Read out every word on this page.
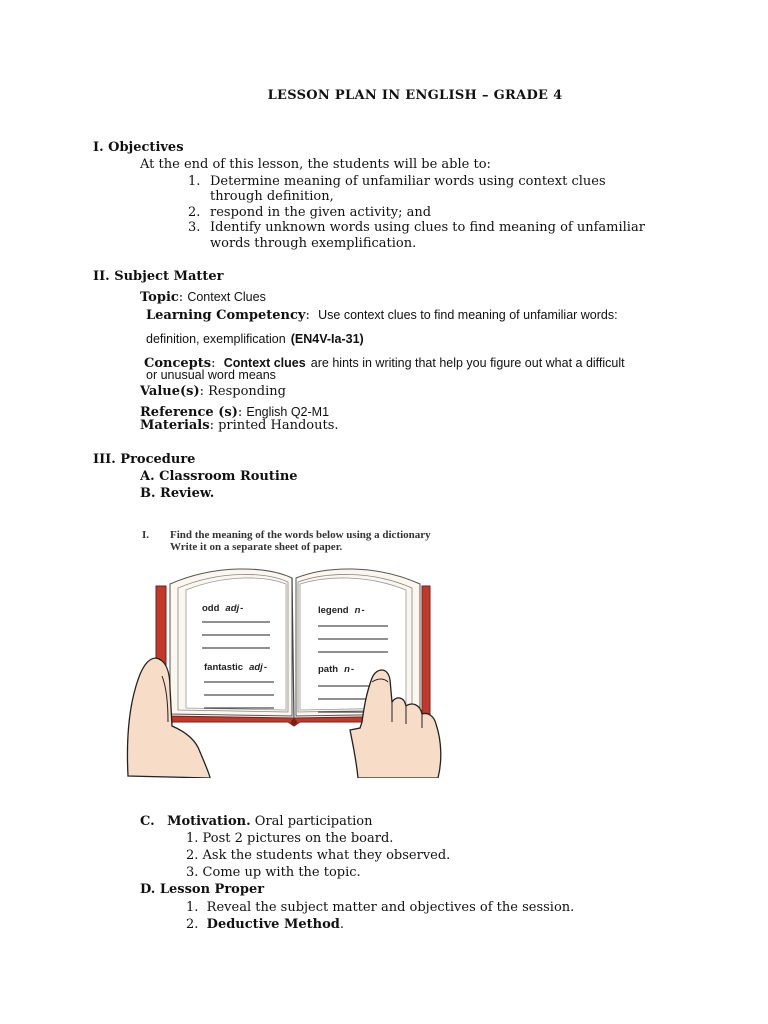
LESSON PLAN IN ENGLISH – GRADE 4
I. Objectives
At the end of this lesson, the students will be able to:
1. Determine meaning of unfamiliar words using context clues
through definition,
2. respond in the given activity; and
3. Identify unknown words using clues to find meaning of unfamiliar
words through exemplification.
II. Subject Matter
Topic: Context Clues
Learning Competency:  Use context clues to find meaning of unfamiliar words:
definition, exemplification (EN4V-Ia-31)
Concepts:  Context clues are hints in writing that help you figure out what a difficult
or unusual word means
Value(s): Responding
Reference (s): English Q2-M1
Materials: printed Handouts.
III. Procedure
A. Classroom Routine
B. Review.
I. Find the meaning of the words below using a dictionary
Write it on a separate sheet of paper.
odd adj-
fantastic adj-
legend n-
path n-
C. Motivation. Oral participation
1. Post 2 pictures on the board.
2. Ask the students what they observed.
3. Come up with the topic.
D. Lesson Proper
1. Reveal the subject matter and objectives of the session.
2. Deductive Method.
